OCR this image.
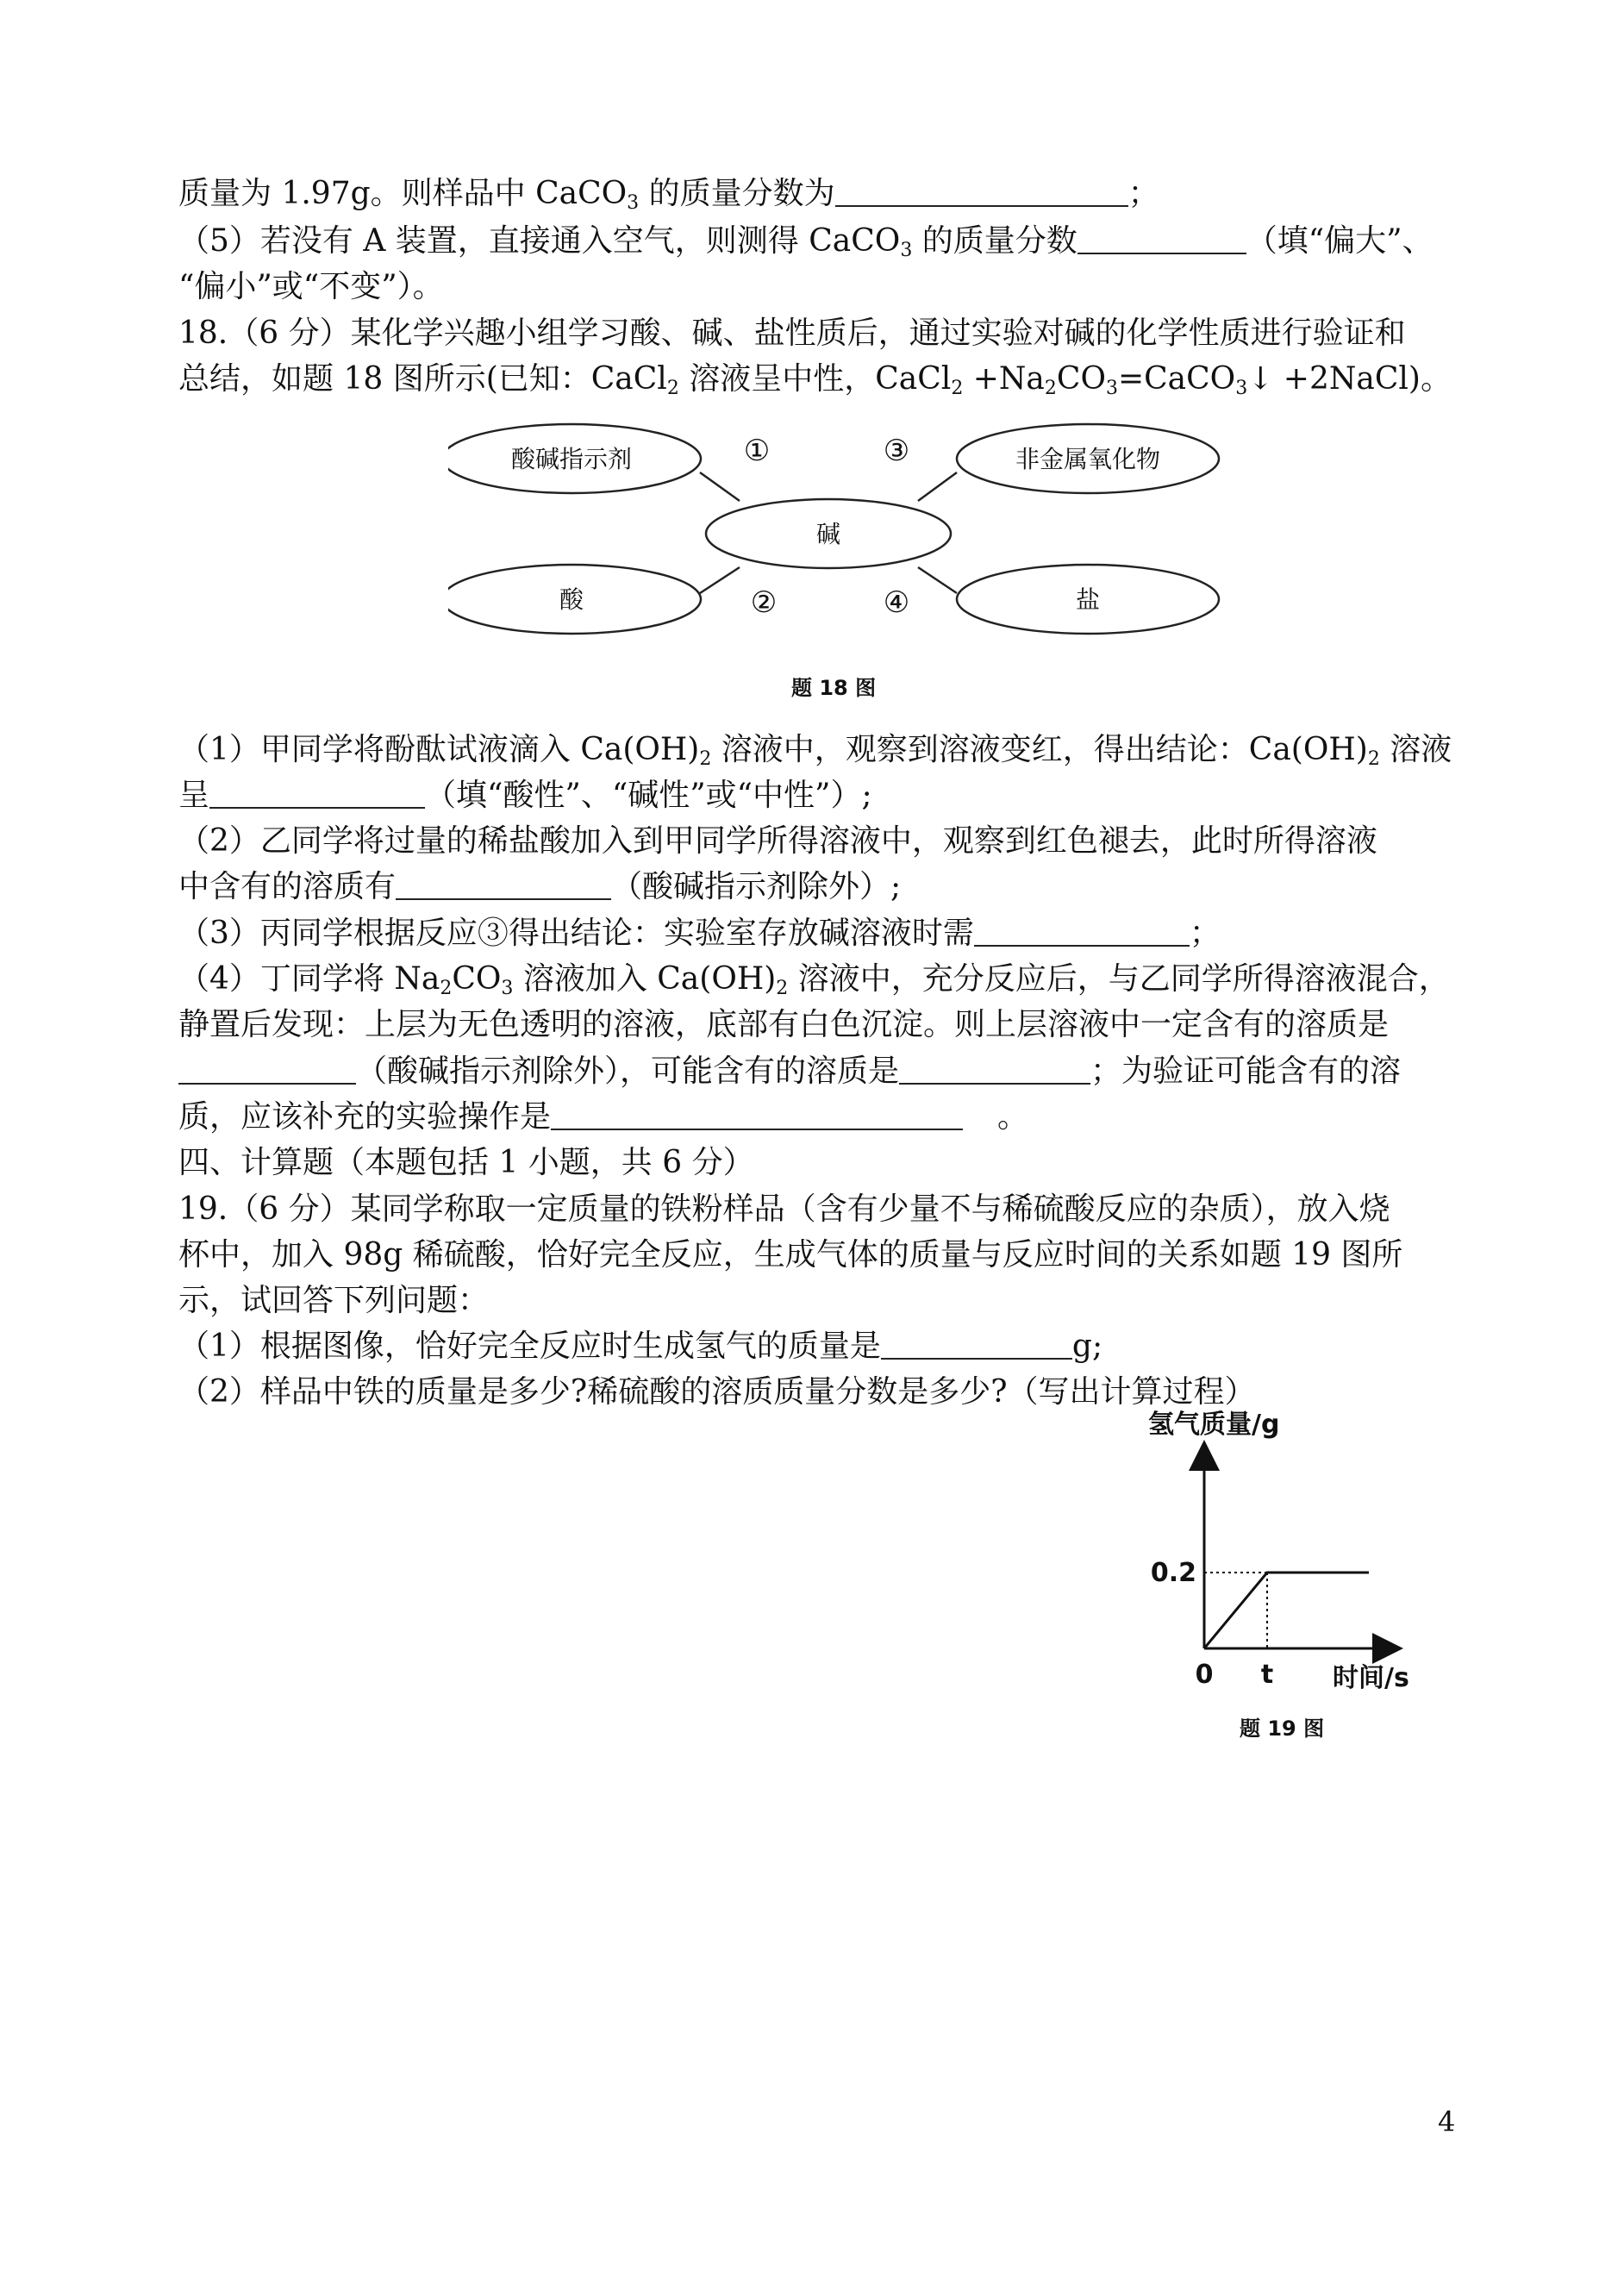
质量为 1.97g。则样品中 CaCO$_3$ 的质量分数为	；
（5）若没有 A 装置，直接通入空气，则测得 CaCO$_3$ 的质量分数	（填“偏大”、
“偏小”或“不变”）。
18.（6 分）某化学兴趣小组学习酸、碱、盐性质后，通过实验对碱的化学性质进行验证和
总结，如题 18 图所示(已知：CaCl$_2$ 溶液呈中性，CaCl$_2$ $+Na_2CO_3=CaCO_3↓$ +2NaCl)。
酸碱指示剂	非金属氧化物
碱
酸	盐
①
②
③
④
题 18 图
（1）甲同学将酚酞试液滴入 $Ca(OH)_2$ 溶液中，观察到溶液变红，得出结论：$Ca(OH)_2$ 溶液
呈	（填“酸性”、“碱性”或“中性”）;
（2）乙同学将过量的稀盐酸加入到甲同学所得溶液中，观察到红色褪去，此时所得溶液
中含有的溶质有	（酸碱指示剂除外）;
（3）丙同学根据反应③得出结论：实验室存放碱溶液时需	；
（4）丁同学将 $Na_2CO_3$ 溶液加入 $Ca(OH)_2$ 溶液中，充分反应后，与乙同学所得溶液混合，
静置后发现：上层为无色透明的溶液，底部有白色沉淀。则上层溶液中一定含有的溶质是
（酸碱指示剂除外），可能含有的溶质是	；为验证可能含有的溶
质，应该补充的实验操作是	。
四、计算题（本题包括 1 小题，共 6 分）
19.（6 分）某同学称取一定质量的铁粉样品（含有少量不与稀硫酸反应的杂质），放入烧
杯中，加入 98g 稀硫酸，恰好完全反应，生成气体的质量与反应时间的关系如题 19 图所
示，试回答下列问题：
（1）根据图像，恰好完全反应时生成氢气的质量是	g;
（2）样品中铁的质量是多少?稀硫酸的溶质质量分数是多少?（写出计算过程）
氢气质量/g
0.2
0 t 时间/s
题 19 图
4
